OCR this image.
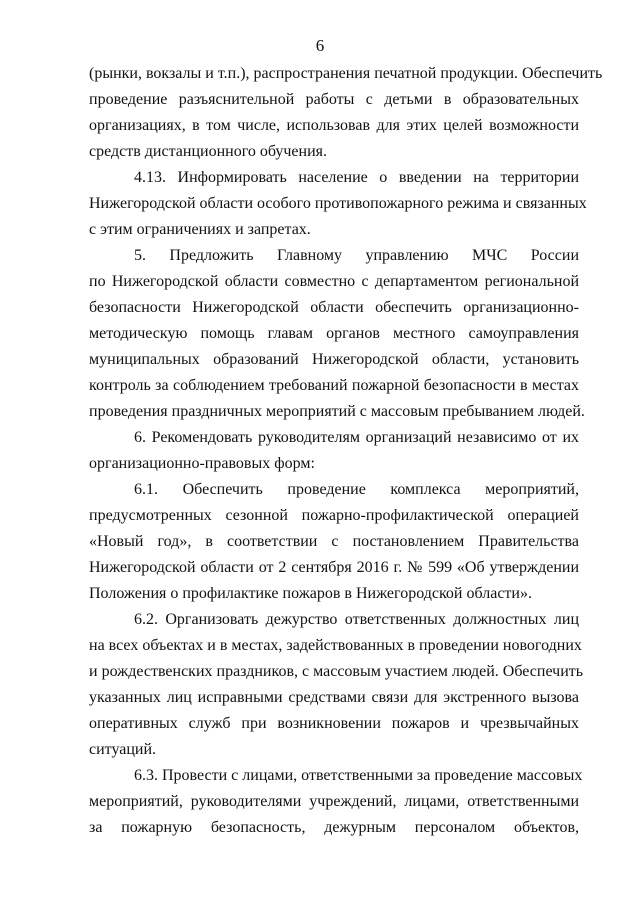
6
(рынки, вокзалы и т.п.), распространения печатной продукции. Обеспечить
проведение разъяснительной работы с детьми в образовательных
организациях, в том числе, использовав для этих целей возможности
средств дистанционного обучения.
4.13. Информировать население о введении на территории
Нижегородской области особого противопожарного режима и связанных
с этим ограничениях и запретах.
5. Предложить Главному управлению МЧС России
по Нижегородской области совместно с департаментом региональной
безопасности Нижегородской области обеспечить организационно-
методическую помощь главам органов местного самоуправления
муниципальных образований Нижегородской области, установить
контроль за соблюдением требований пожарной безопасности в местах
проведения праздничных мероприятий с массовым пребыванием людей.
6. Рекомендовать руководителям организаций независимо от их
организационно-правовых форм:
6.1. Обеспечить проведение комплекса мероприятий,
предусмотренных сезонной пожарно-профилактической операцией
«Новый год», в соответствии с постановлением Правительства
Нижегородской области от 2 сентября 2016 г. № 599 «Об утверждении
Положения о профилактике пожаров в Нижегородской области».
6.2. Организовать дежурство ответственных должностных лиц
на всех объектах и в местах, задействованных в проведении новогодних
и рождественских праздников, с массовым участием людей. Обеспечить
указанных лиц исправными средствами связи для экстренного вызова
оперативных служб при возникновении пожаров и чрезвычайных
ситуаций.
6.3. Провести с лицами, ответственными за проведение массовых
мероприятий, руководителями учреждений, лицами, ответственными
за пожарную безопасность, дежурным персоналом объектов,
